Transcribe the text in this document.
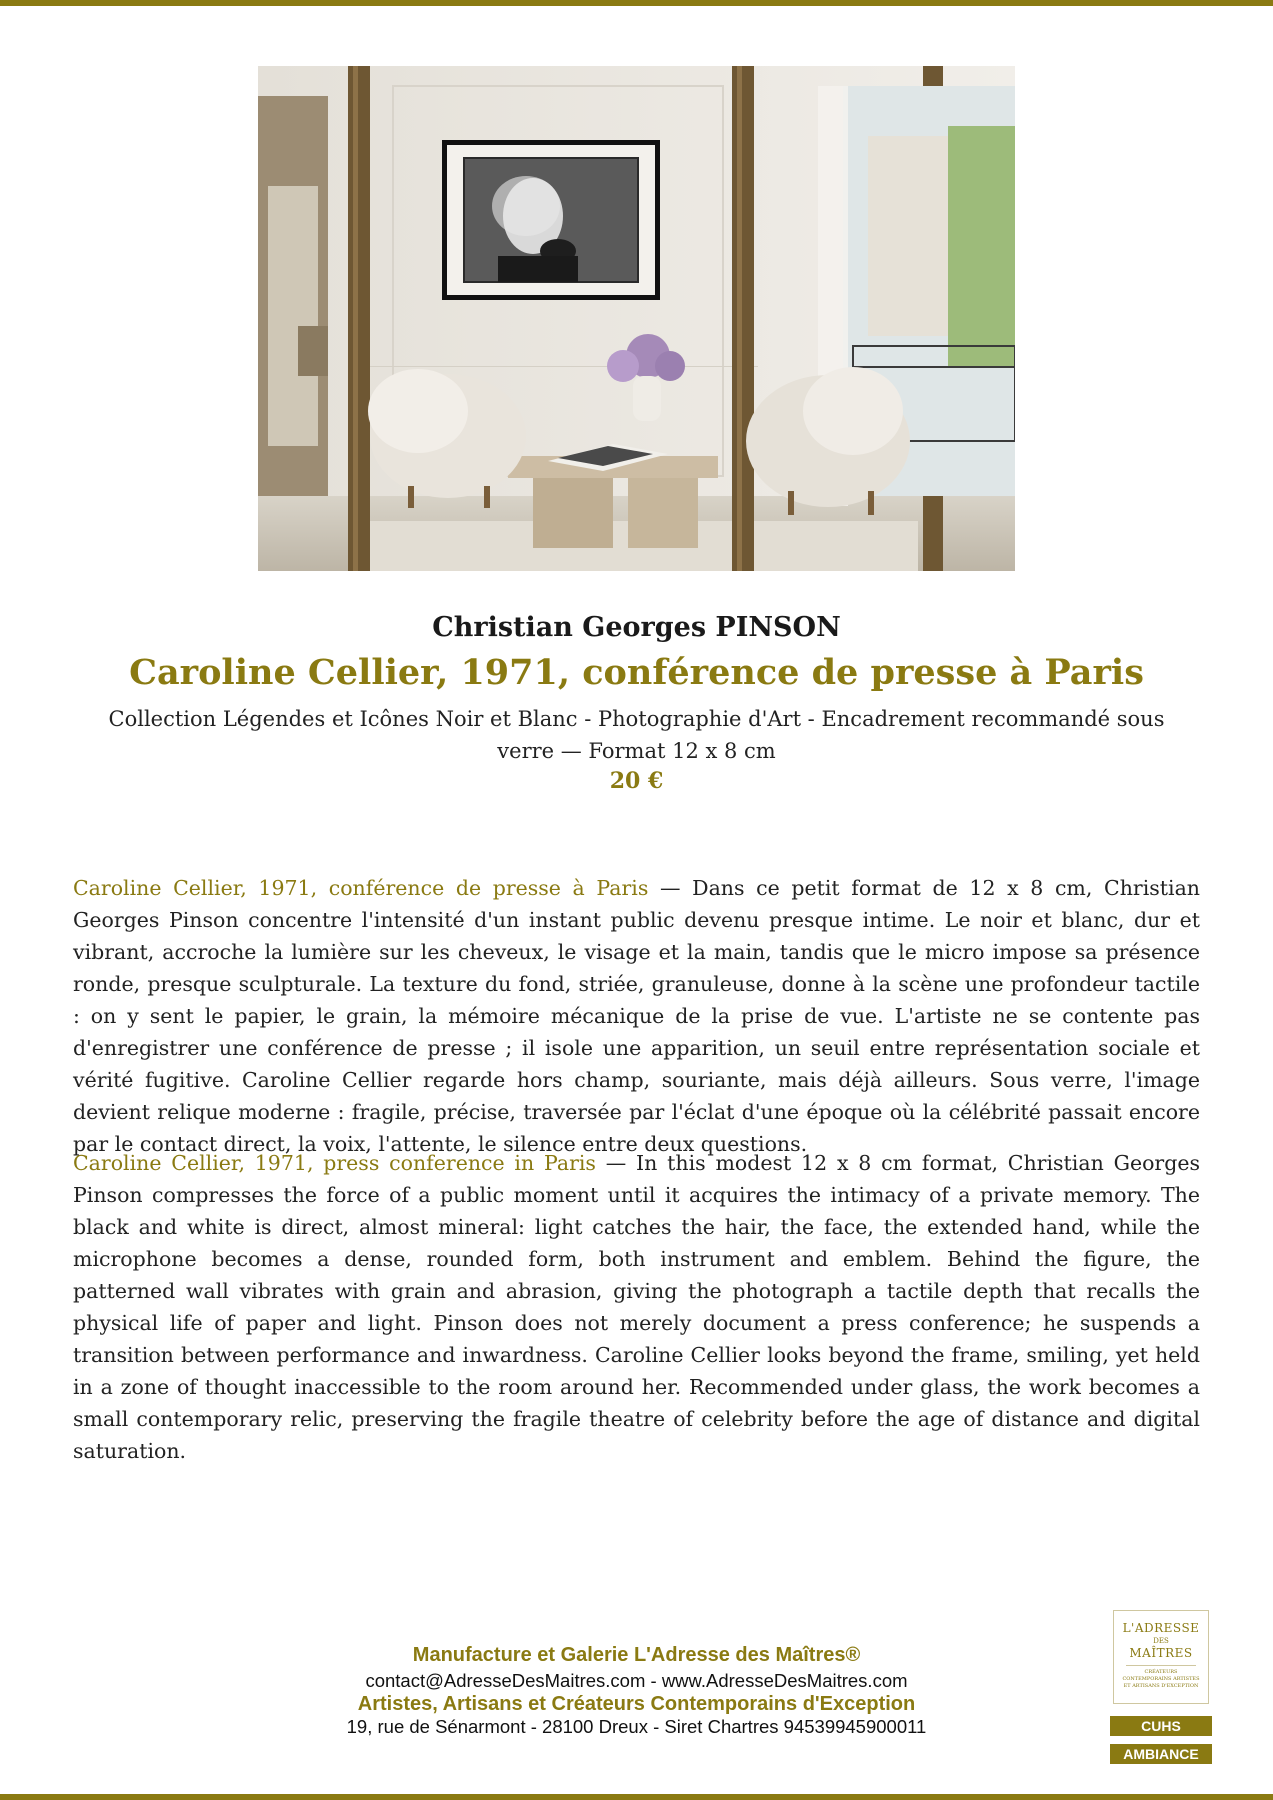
Christian Georges PINSON
Caroline Cellier, 1971, conférence de presse à Paris
Collection Légendes et Icônes Noir et Blanc - Photographie d'Art - Encadrement recommandé sous verre — Format 12 x 8 cm
20 €

Caroline Cellier, 1971, conférence de presse à Paris — Dans ce petit format de 12 x 8 cm, Christian Georges Pinson concentre l'intensité d'un instant public devenu presque intime. Le noir et blanc, dur et vibrant, accroche la lumière sur les cheveux, le visage et la main, tandis que le micro impose sa présence ronde, presque sculpturale. La texture du fond, striée, granuleuse, donne à la scène une profondeur tactile : on y sent le papier, le grain, la mémoire mécanique de la prise de vue. L'artiste ne se contente pas d'enregistrer une conférence de presse ; il isole une apparition, un seuil entre représentation sociale et vérité fugitive. Caroline Cellier regarde hors champ, souriante, mais déjà ailleurs. Sous verre, l'image devient relique moderne : fragile, précise, traversée par l'éclat d'une époque où la célébrité passait encore par le contact direct, la voix, l'attente, le silence entre deux questions.

Caroline Cellier, 1971, press conference in Paris — In this modest 12 x 8 cm format, Christian Georges Pinson compresses the force of a public moment until it acquires the intimacy of a private memory. The black and white is direct, almost mineral: light catches the hair, the face, the extended hand, while the microphone becomes a dense, rounded form, both instrument and emblem. Behind the figure, the patterned wall vibrates with grain and abrasion, giving the photograph a tactile depth that recalls the physical life of paper and light. Pinson does not merely document a press conference; he suspends a transition between performance and inwardness. Caroline Cellier looks beyond the frame, smiling, yet held in a zone of thought inaccessible to the room around her. Recommended under glass, the work becomes a small contemporary relic, preserving the fragile theatre of celebrity before the age of distance and digital saturation.

Manufacture et Galerie L'Adresse des Maîtres®
contact@AdresseDesMaitres.com - www.AdresseDesMaitres.com
Artistes, Artisans et Créateurs Contemporains d'Exception
19, rue de Sénarmont - 28100 Dreux - Siret Chartres 94539945900011
L'ADRESSE
DES
MAÎTRES
CRÉATEURS CONTEMPORAINS ARTISTES ET ARTISANS D'EXCEPTION
CUHS
AMBIANCE
